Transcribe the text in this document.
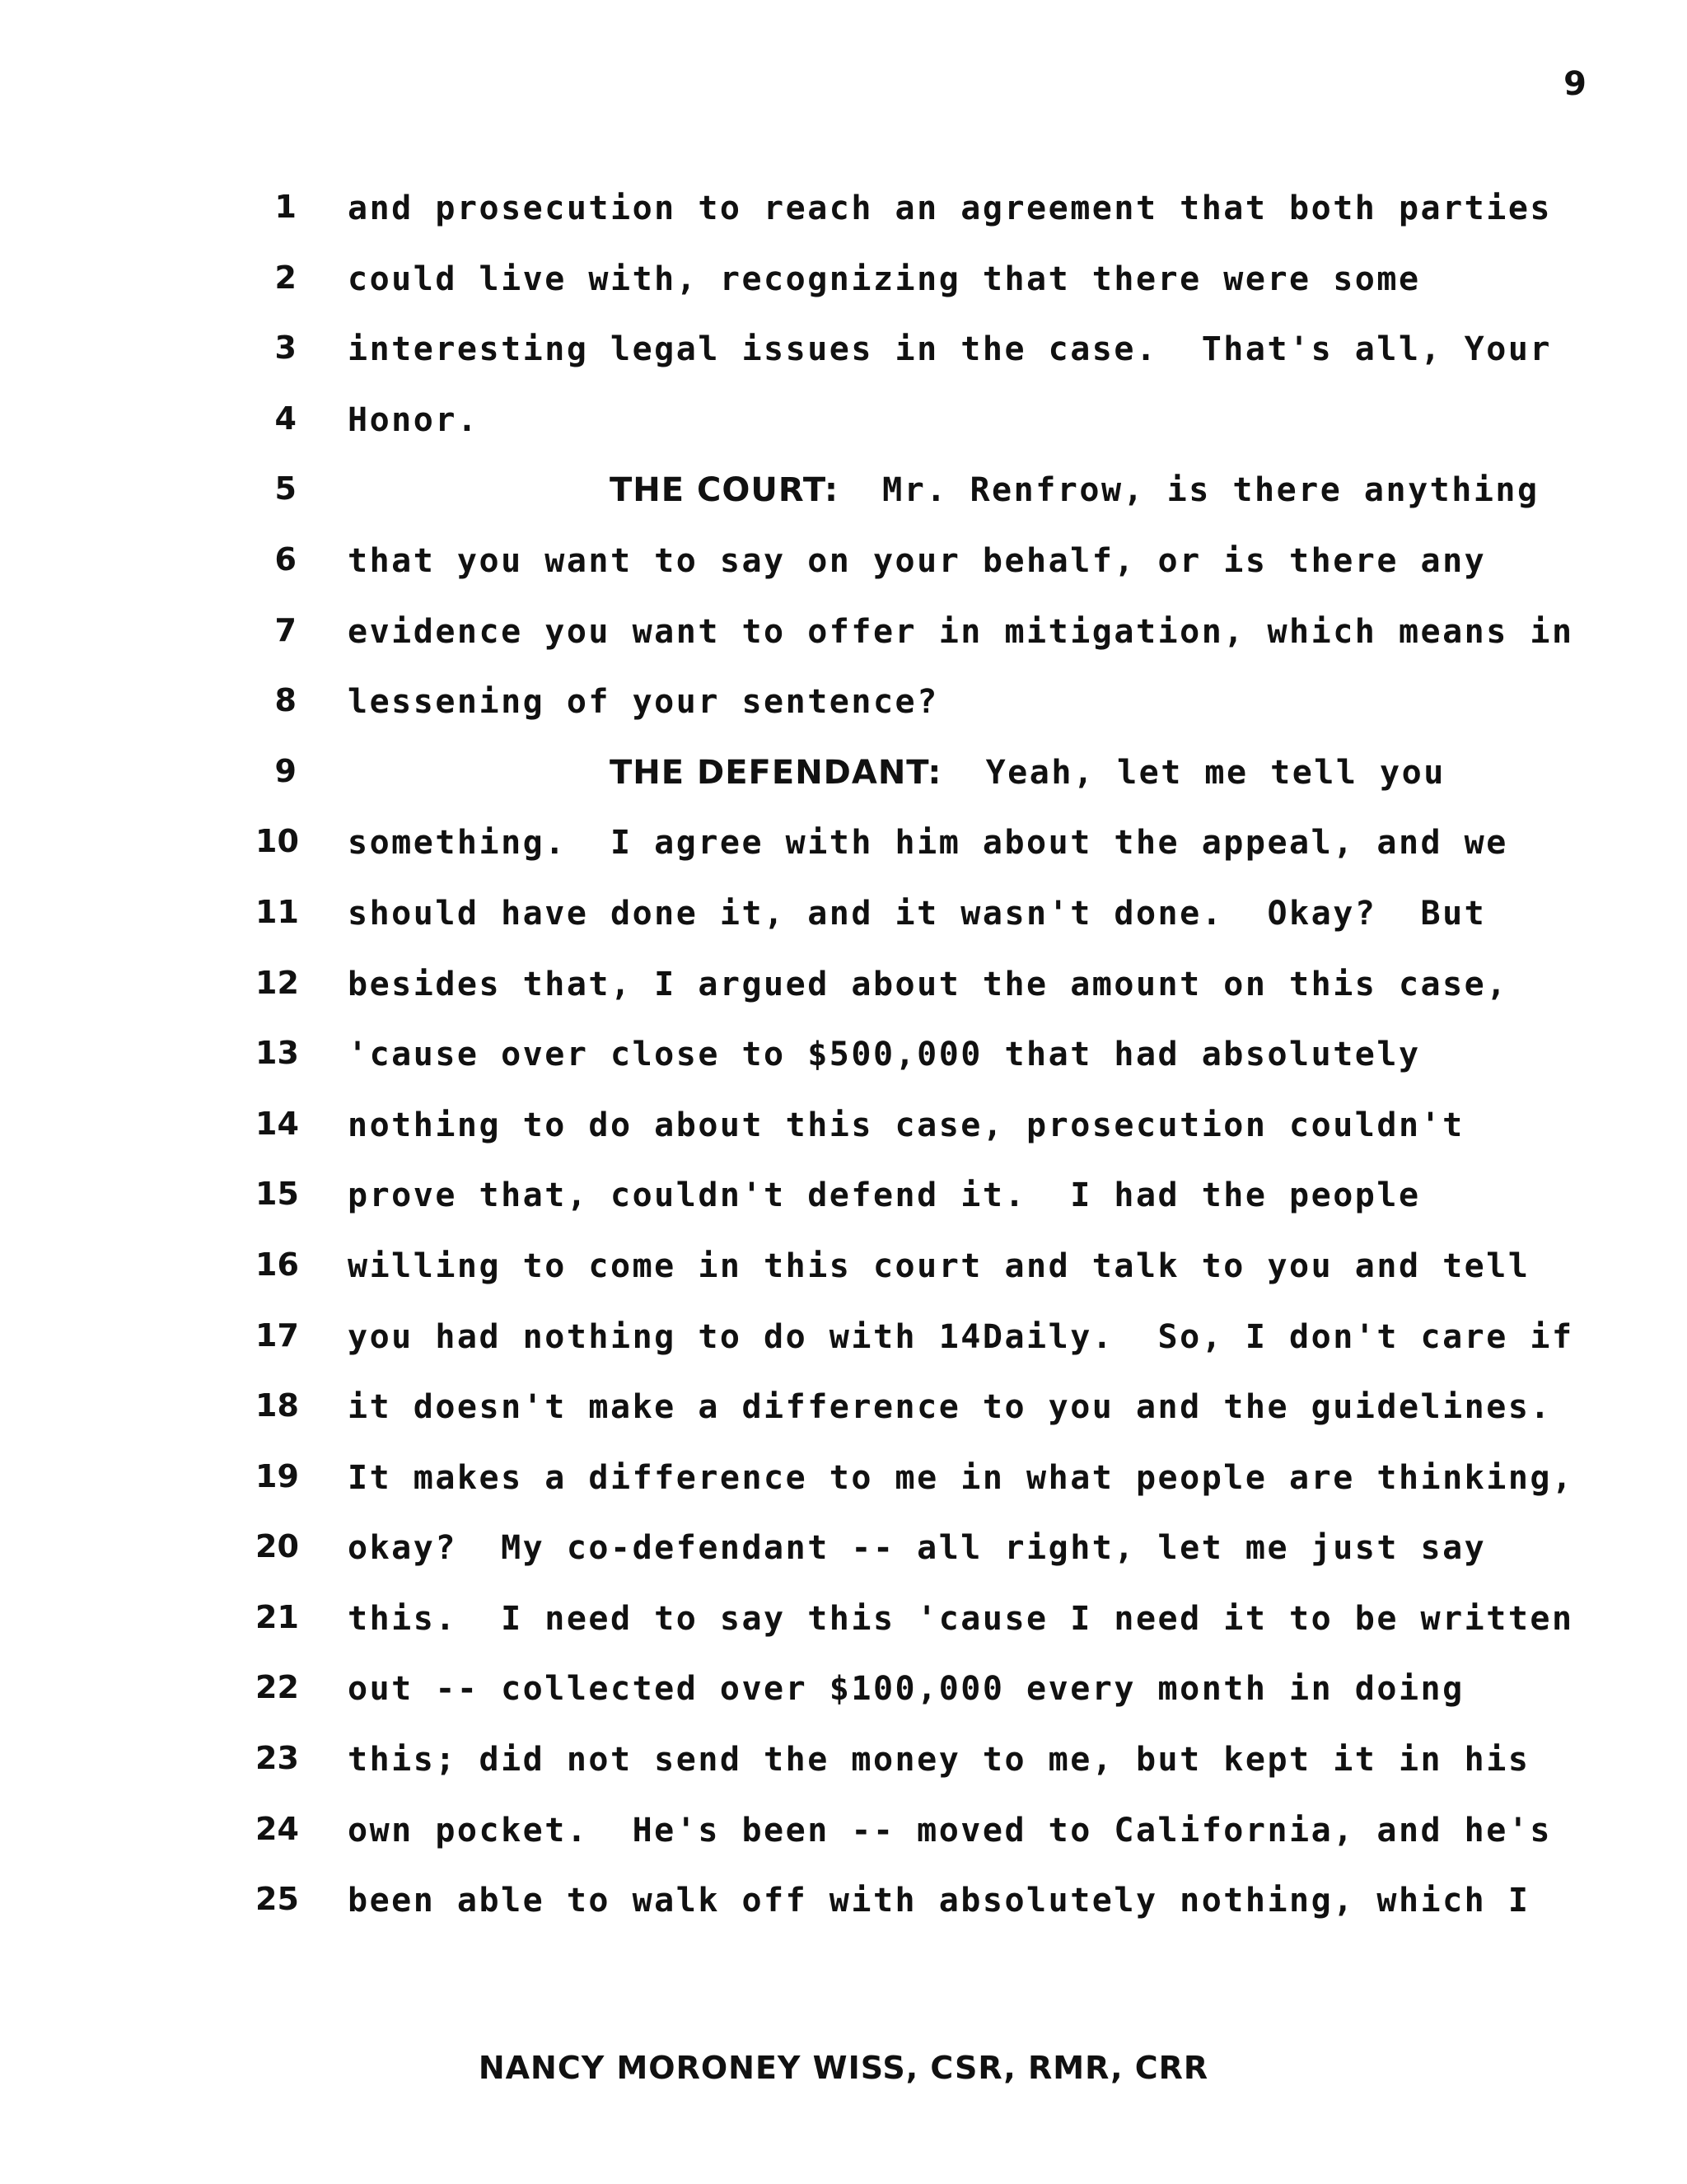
9

1

and prosecution to reach an agreement that both parties

2

could live with, recognizing that there were some

3

interesting legal issues in the case.  That's all, Your

4

Honor.

5

	THE COURT:  Mr. Renfrow, is there anything

6

that you want to say on your behalf, or is there any

7

evidence you want to offer in mitigation, which means in

8

lessening of your sentence?

9

	THE DEFENDANT:  Yeah, let me tell you

10

something.  I agree with him about the appeal, and we

11

should have done it, and it wasn't done.  Okay?  But

12

besides that, I argued about the amount on this case,

13

'cause over close to $500,000 that had absolutely

14

nothing to do about this case, prosecution couldn't

15

prove that, couldn't defend it.  I had the people

16

willing to come in this court and talk to you and tell

17

you had nothing to do with 14Daily.  So, I don't care if

18

it doesn't make a difference to you and the guidelines.

19

It makes a difference to me in what people are thinking,

20

okay?  My co-defendant -- all right, let me just say

21

this.  I need to say this 'cause I need it to be written

22

out -- collected over $100,000 every month in doing

23

this; did not send the money to me, but kept it in his

24

own pocket.  He's been -- moved to California, and he's

25

been able to walk off with absolutely nothing, which I

NANCY MORONEY WISS, CSR, RMR, CRR
